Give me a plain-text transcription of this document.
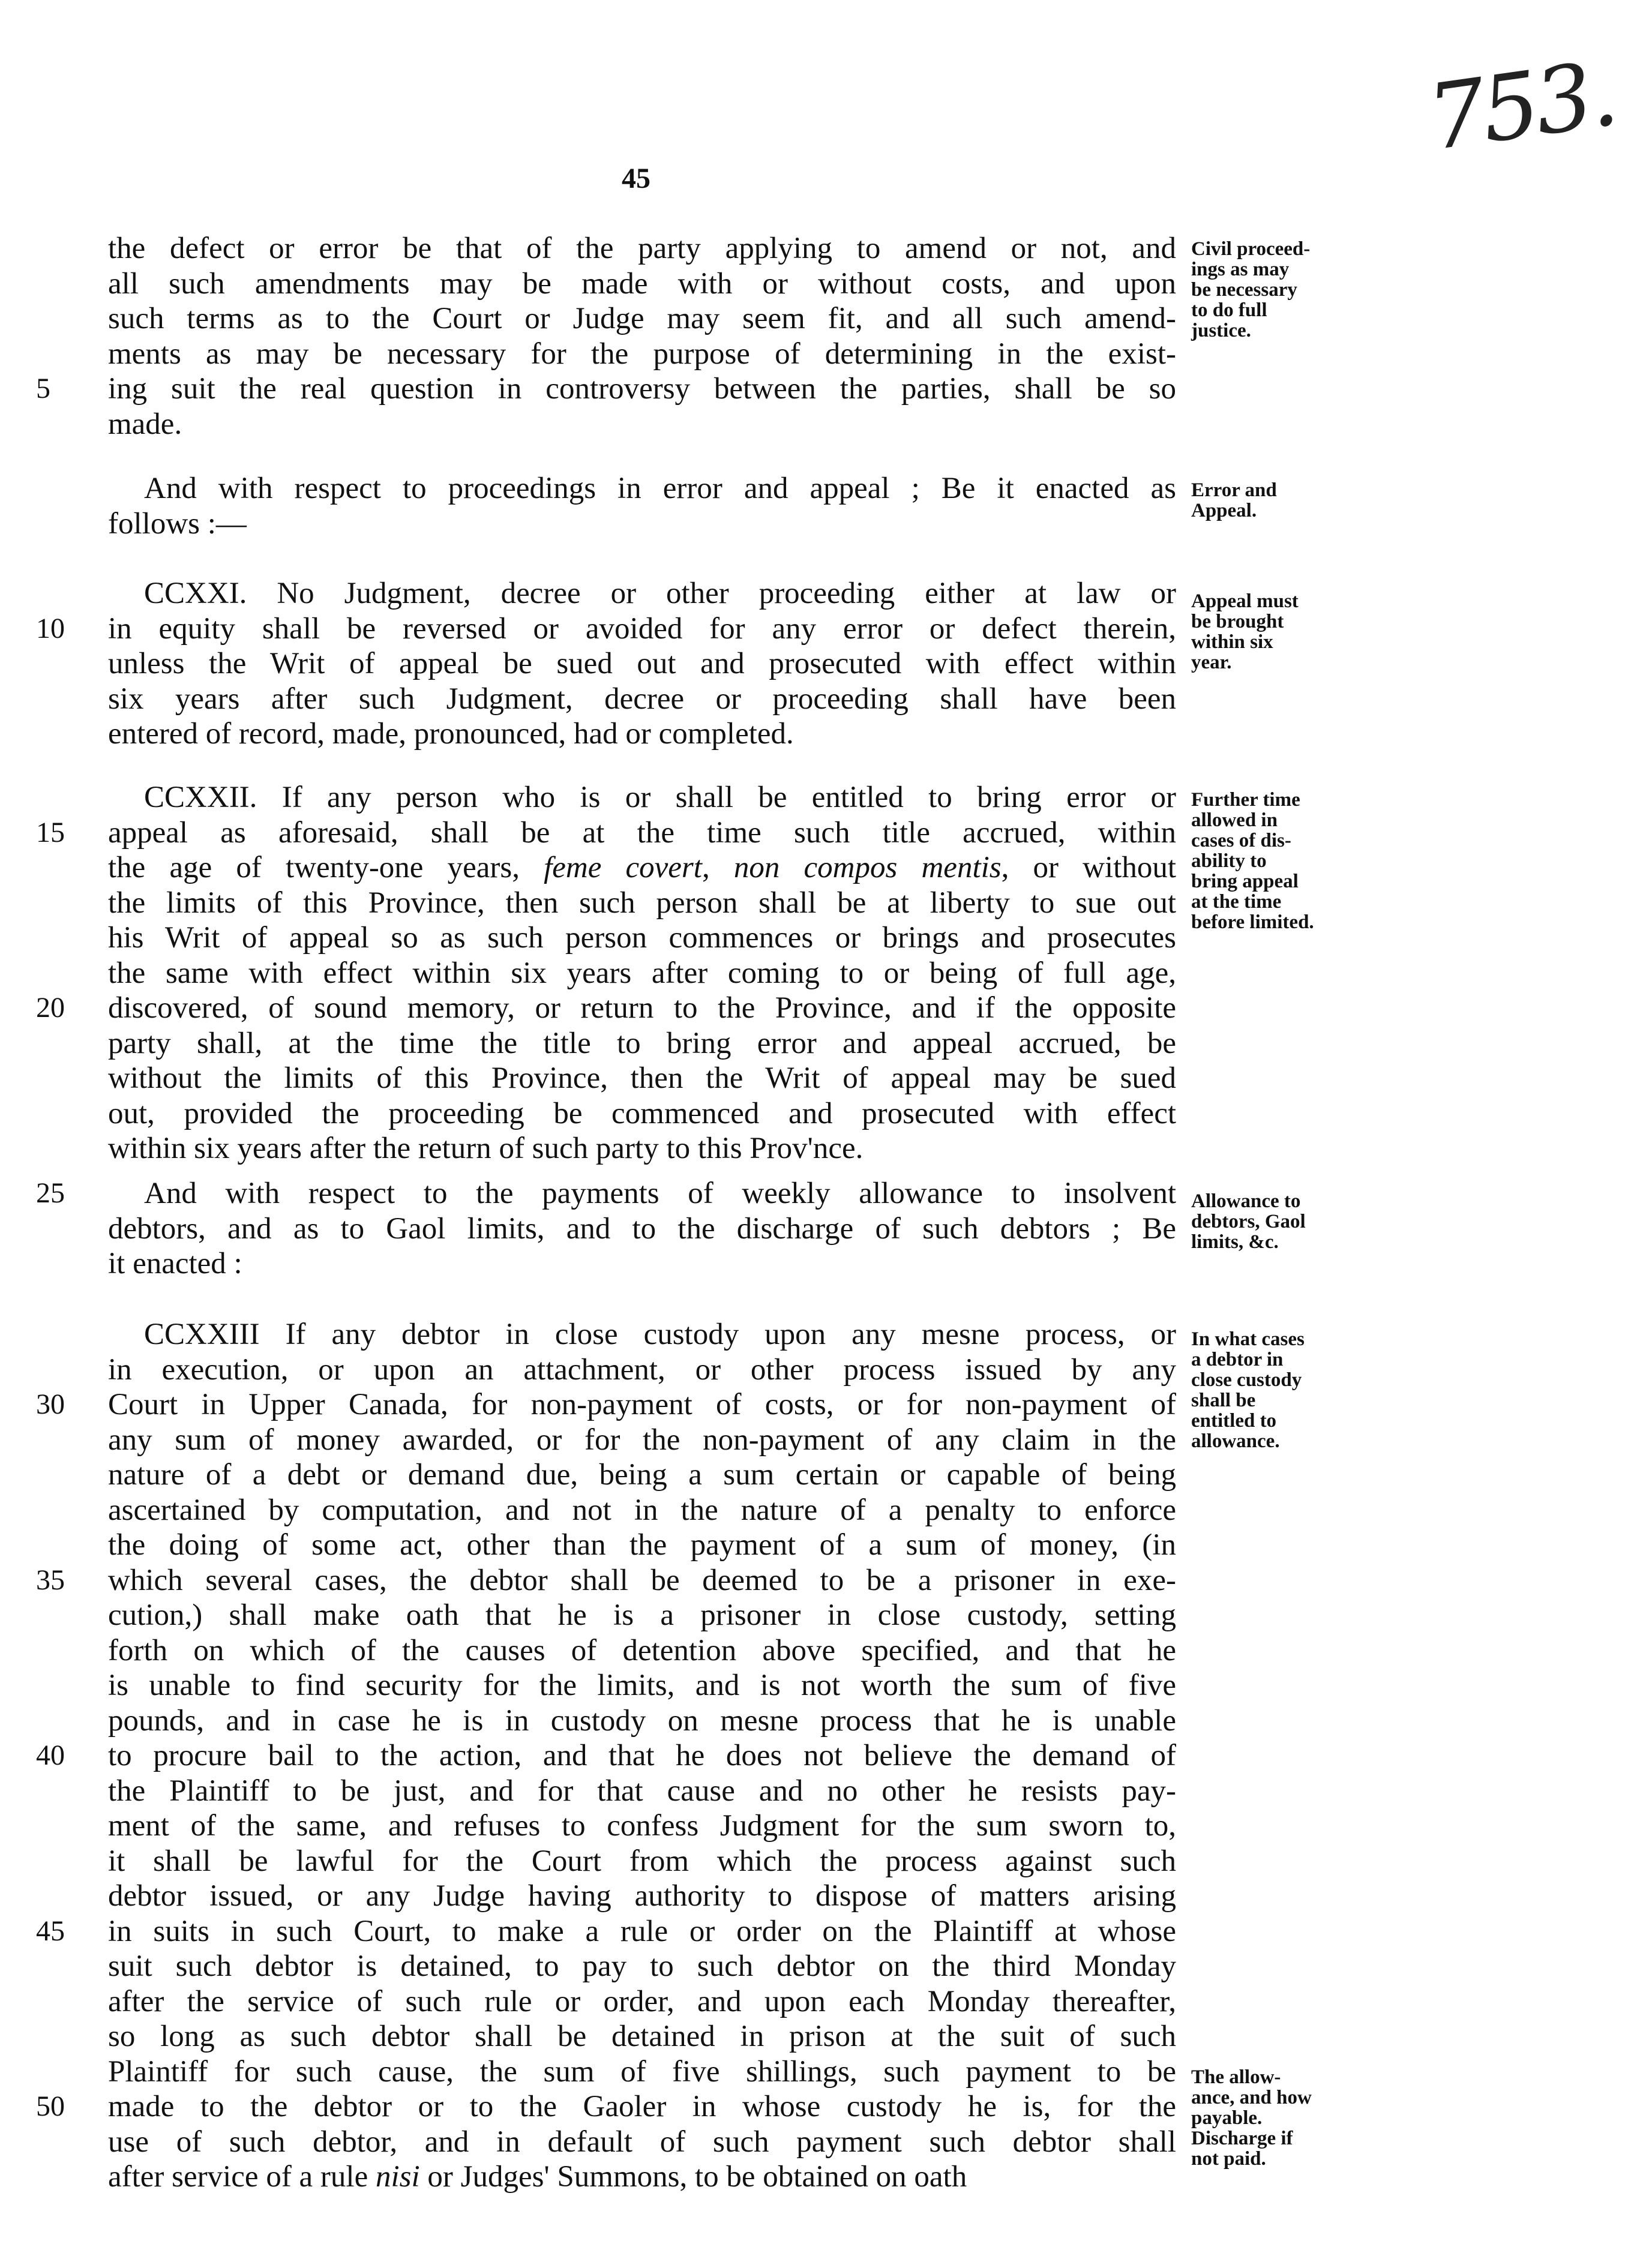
753.
45
the defect or error be that of the party applying to amend or not, and
all such amendments may be made with or without costs, and upon
such terms as to the Court or Judge may seem fit, and all such amend-
ments as may be necessary for the purpose of determining in the exist-
5	ing suit the real question in controversy between the parties, shall be so
made.
And with respect to proceedings in error and appeal ; Be it enacted as
follows :—
CCXXI. No Judgment, decree or other proceeding either at law or
10	in equity shall be reversed or avoided for any error or defect therein,
unless the Writ of appeal be sued out and prosecuted with effect within
six years after such Judgment, decree or proceeding shall have been
entered of record, made, pronounced, had or completed.
CCXXII. If any person who is or shall be entitled to bring error or
15	appeal as aforesaid, shall be at the time such title accrued, within
the age of twenty-one years, feme covert, non compos mentis, or without
the limits of this Province, then such person shall be at liberty to sue out
his Writ of appeal so as such person commences or brings and prosecutes
the same with effect within six years after coming to or being of full age,
20	discovered, of sound memory, or return to the Province, and if the opposite
party shall, at the time the title to bring error and appeal accrued, be
without the limits of this Province, then the Writ of appeal may be sued
out, provided the proceeding be commenced and prosecuted with effect
within six years after the return of such party to this Prov'nce.
25	And with respect to the payments of weekly allowance to insolvent
debtors, and as to Gaol limits, and to the discharge of such debtors ; Be
it enacted :
CCXXIII If any debtor in close custody upon any mesne process, or
in execution, or upon an attachment, or other process issued by any
30	Court in Upper Canada, for non-payment of costs, or for non-payment of
any sum of money awarded, or for the non-payment of any claim in the
nature of a debt or demand due, being a sum certain or capable of being
ascertained by computation, and not in the nature of a penalty to enforce
the doing of some act, other than the payment of a sum of money, (in
35	which several cases, the debtor shall be deemed to be a prisoner in exe-
cution,) shall make oath that he is a prisoner in close custody, setting
forth on which of the causes of detention above specified, and that he
is unable to find security for the limits, and is not worth the sum of five
pounds, and in case he is in custody on mesne process that he is unable
40	to procure bail to the action, and that he does not believe the demand of
the Plaintiff to be just, and for that cause and no other he resists pay-
ment of the same, and refuses to confess Judgment for the sum sworn to,
it shall be lawful for the Court from which the process against such
debtor issued, or any Judge having authority to dispose of matters arising
45	in suits in such Court, to make a rule or order on the Plaintiff at whose
suit such debtor is detained, to pay to such debtor on the third Monday
after the service of such rule or order, and upon each Monday thereafter,
so long as such debtor shall be detained in prison at the suit of such
Plaintiff for such cause, the sum of five shillings, such payment to be
50	made to the debtor or to the Gaoler in whose custody he is, for the
use of such debtor, and in default of such payment such debtor shall
after service of a rule nisi or Judges' Summons, to be obtained on oath
Civil proceed-
ings as may
be necessary
to do full
justice.
Error and
Appeal.
Appeal must
be brought
within six
year.
Further time
allowed in
cases of dis-
ability to
bring appeal
at the time
before limited.
Allowance to
debtors, Gaol
limits, &c.
In what cases
a debtor in
close custody
shall be
entitled to
allowance.
The allow-
ance, and how
payable.
Discharge if
not paid.
